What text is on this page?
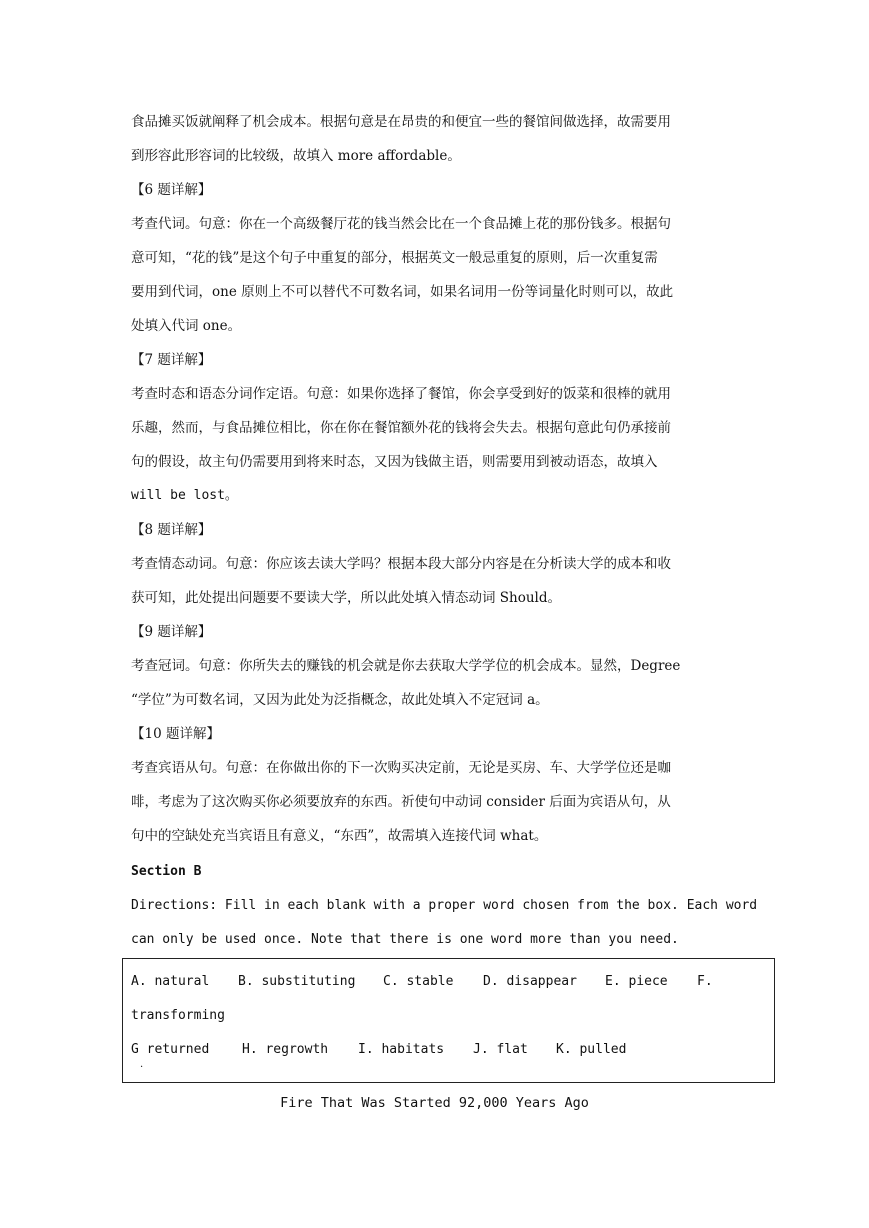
食品摊买饭就阐释了机会成本。根据句意是在昂贵的和便宜一些的餐馆间做选择，故需要用
到形容此形容词的比较级，故填入 more affordable。
【6 题详解】
考查代词。句意：你在一个高级餐厅花的钱当然会比在一个食品摊上花的那份钱多。根据句
意可知，“花的钱”是这个句子中重复的部分，根据英文一般忌重复的原则，后一次重复需
要用到代词，one 原则上不可以替代不可数名词，如果名词用一份等词量化时则可以，故此
处填入代词 one。
【7 题详解】
考查时态和语态分词作定语。句意：如果你选择了餐馆，你会享受到好的饭菜和很棒的就用
乐趣，然而，与食品摊位相比，你在你在餐馆额外花的钱将会失去。根据句意此句仍承接前
句的假设，故主句仍需要用到将来时态，又因为钱做主语，则需要用到被动语态，故填入
will be lost。
【8 题详解】
考查情态动词。句意：你应该去读大学吗？根据本段大部分内容是在分析读大学的成本和收
获可知，此处提出问题要不要读大学，所以此处填入情态动词 Should。
【9 题详解】
考查冠词。句意：你所失去的赚钱的机会就是你去获取大学学位的机会成本。显然，Degree
“学位”为可数名词，又因为此处为泛指概念，故此处填入不定冠词 a。
【10 题详解】
考查宾语从句。句意：在你做出你的下一次购买决定前，无论是买房、车、大学学位还是咖
啡，考虑为了这次购买你必须要放弃的东西。祈使句中动词 consider 后面为宾语从句，从
句中的空缺处充当宾语且有意义，“东西”，故需填入连接代词 what。
Section B
Directions: Fill in each blank with a proper word chosen from the box. Each word
can only be used once. Note that there is one word more than you need.
A. natural B. substituting C. stable D. disappear E. piece F.
transforming
G returned	H. regrowth I. habitats J. flat K. pulled
.
Fire That Was Started 92,000 Years Ago
